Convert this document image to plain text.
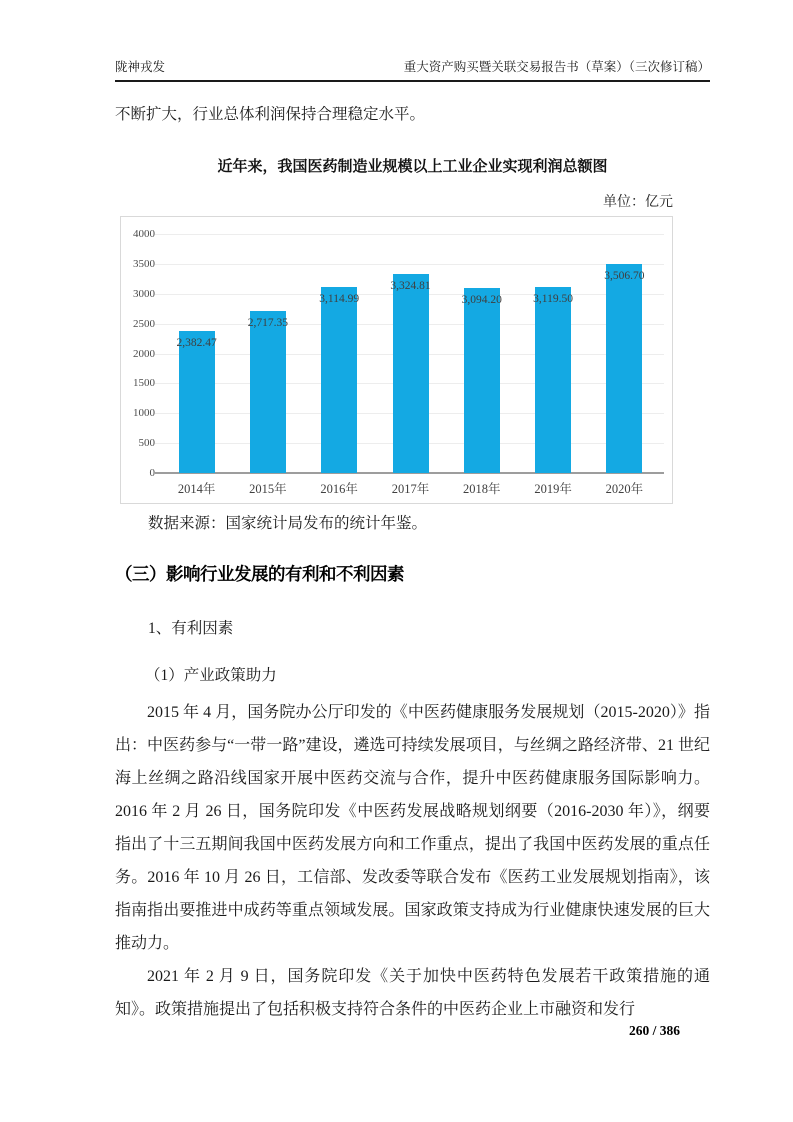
陇神戎发	重大资产购买暨关联交易报告书（草案）（三次修订稿）

不断扩大，行业总体利润保持合理稳定水平。

近年来，我国医药制造业规模以上工业企业实现利润总额图
单位：亿元
0
500
1000
1500
2000
2500
3000
3500
4000
2,382.47
2014年
2,717.35
2015年
3,114.99
2016年
3,324.81
2017年
3,094.20
2018年
3,119.50
2019年
3,506.70
2020年

数据来源：国家统计局发布的统计年鉴。

（三）影响行业发展的有利和不利因素

1、有利因素

（1）产业政策助力

2015 年 4 月，国务院办公厅印发的《中医药健康服务发展规划（2015-2020）》指出：中医药参与“一带一路”建设，遴选可持续发展项目，与丝绸之路经济带、21 世纪海上丝绸之路沿线国家开展中医药交流与合作，提升中医药健康服务国际影响力。2016 年 2 月 26 日，国务院印发《中医药发展战略规划纲要（2016-2030 年）》，纲要指出了十三五期间我国中医药发展方向和工作重点，提出了我国中医药发展的重点任务。2016 年 10 月 26 日，工信部、发改委等联合发布《医药工业发展规划指南》，该指南指出要推进中成药等重点领域发展。国家政策支持成为行业健康快速发展的巨大推动力。

2021 年 2 月 9 日，国务院印发《关于加快中医药特色发展若干政策措施的通知》。政策措施提出了包括积极支持符合条件的中医药企业上市融资和发行

260 / 386
